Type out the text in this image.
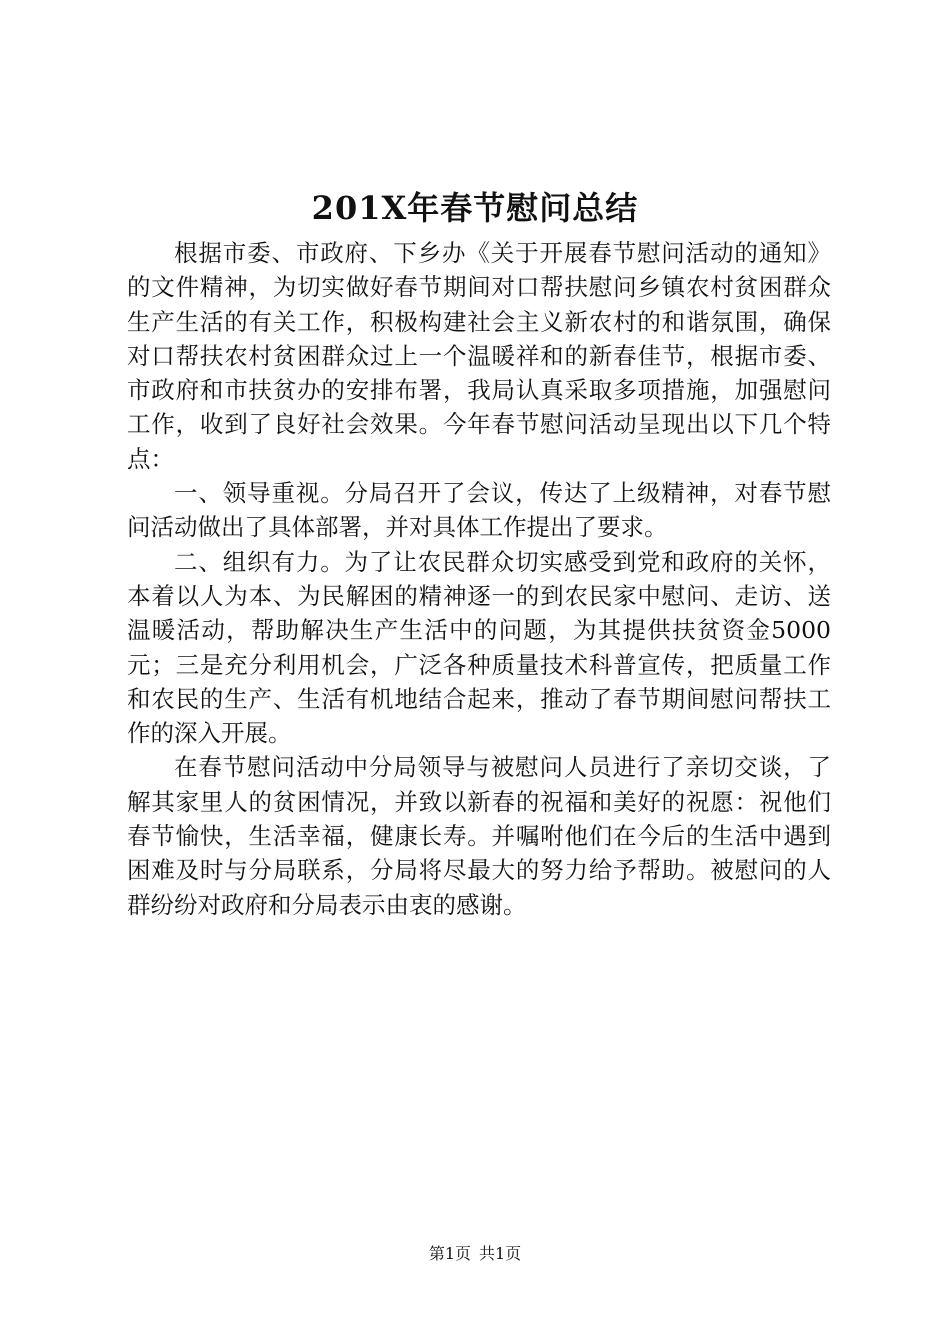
201X年春节慰问总结

根据市委、市政府、下乡办《关于开展春节慰问活动的通知》的文件精神，为切实做好春节期间对口帮扶慰问乡镇农村贫困群众生产生活的有关工作，积极构建社会主义新农村的和谐氛围，确保对口帮扶农村贫困群众过上一个温暖祥和的新春佳节，根据市委、市政府和市扶贫办的安排布署，我局认真采取多项措施，加强慰问工作，收到了良好社会效果。今年春节慰问活动呈现出以下几个特点：

一、领导重视。分局召开了会议，传达了上级精神，对春节慰问活动做出了具体部署，并对具体工作提出了要求。

二、组织有力。为了让农民群众切实感受到党和政府的关怀，本着以人为本、为民解困的精神逐一的到农民家中慰问、走访、送温暖活动，帮助解决生产生活中的问题，为其提供扶贫资金5000元；三是充分利用机会，广泛各种质量技术科普宣传，把质量工作和农民的生产、生活有机地结合起来，推动了春节期间慰问帮扶工作的深入开展。

在春节慰问活动中分局领导与被慰问人员进行了亲切交谈，了解其家里人的贫困情况，并致以新春的祝福和美好的祝愿：祝他们春节愉快，生活幸福，健康长寿。并嘱咐他们在今后的生活中遇到困难及时与分局联系，分局将尽最大的努力给予帮助。被慰问的人群纷纷对政府和分局表示由衷的感谢。

第1页 共1页
